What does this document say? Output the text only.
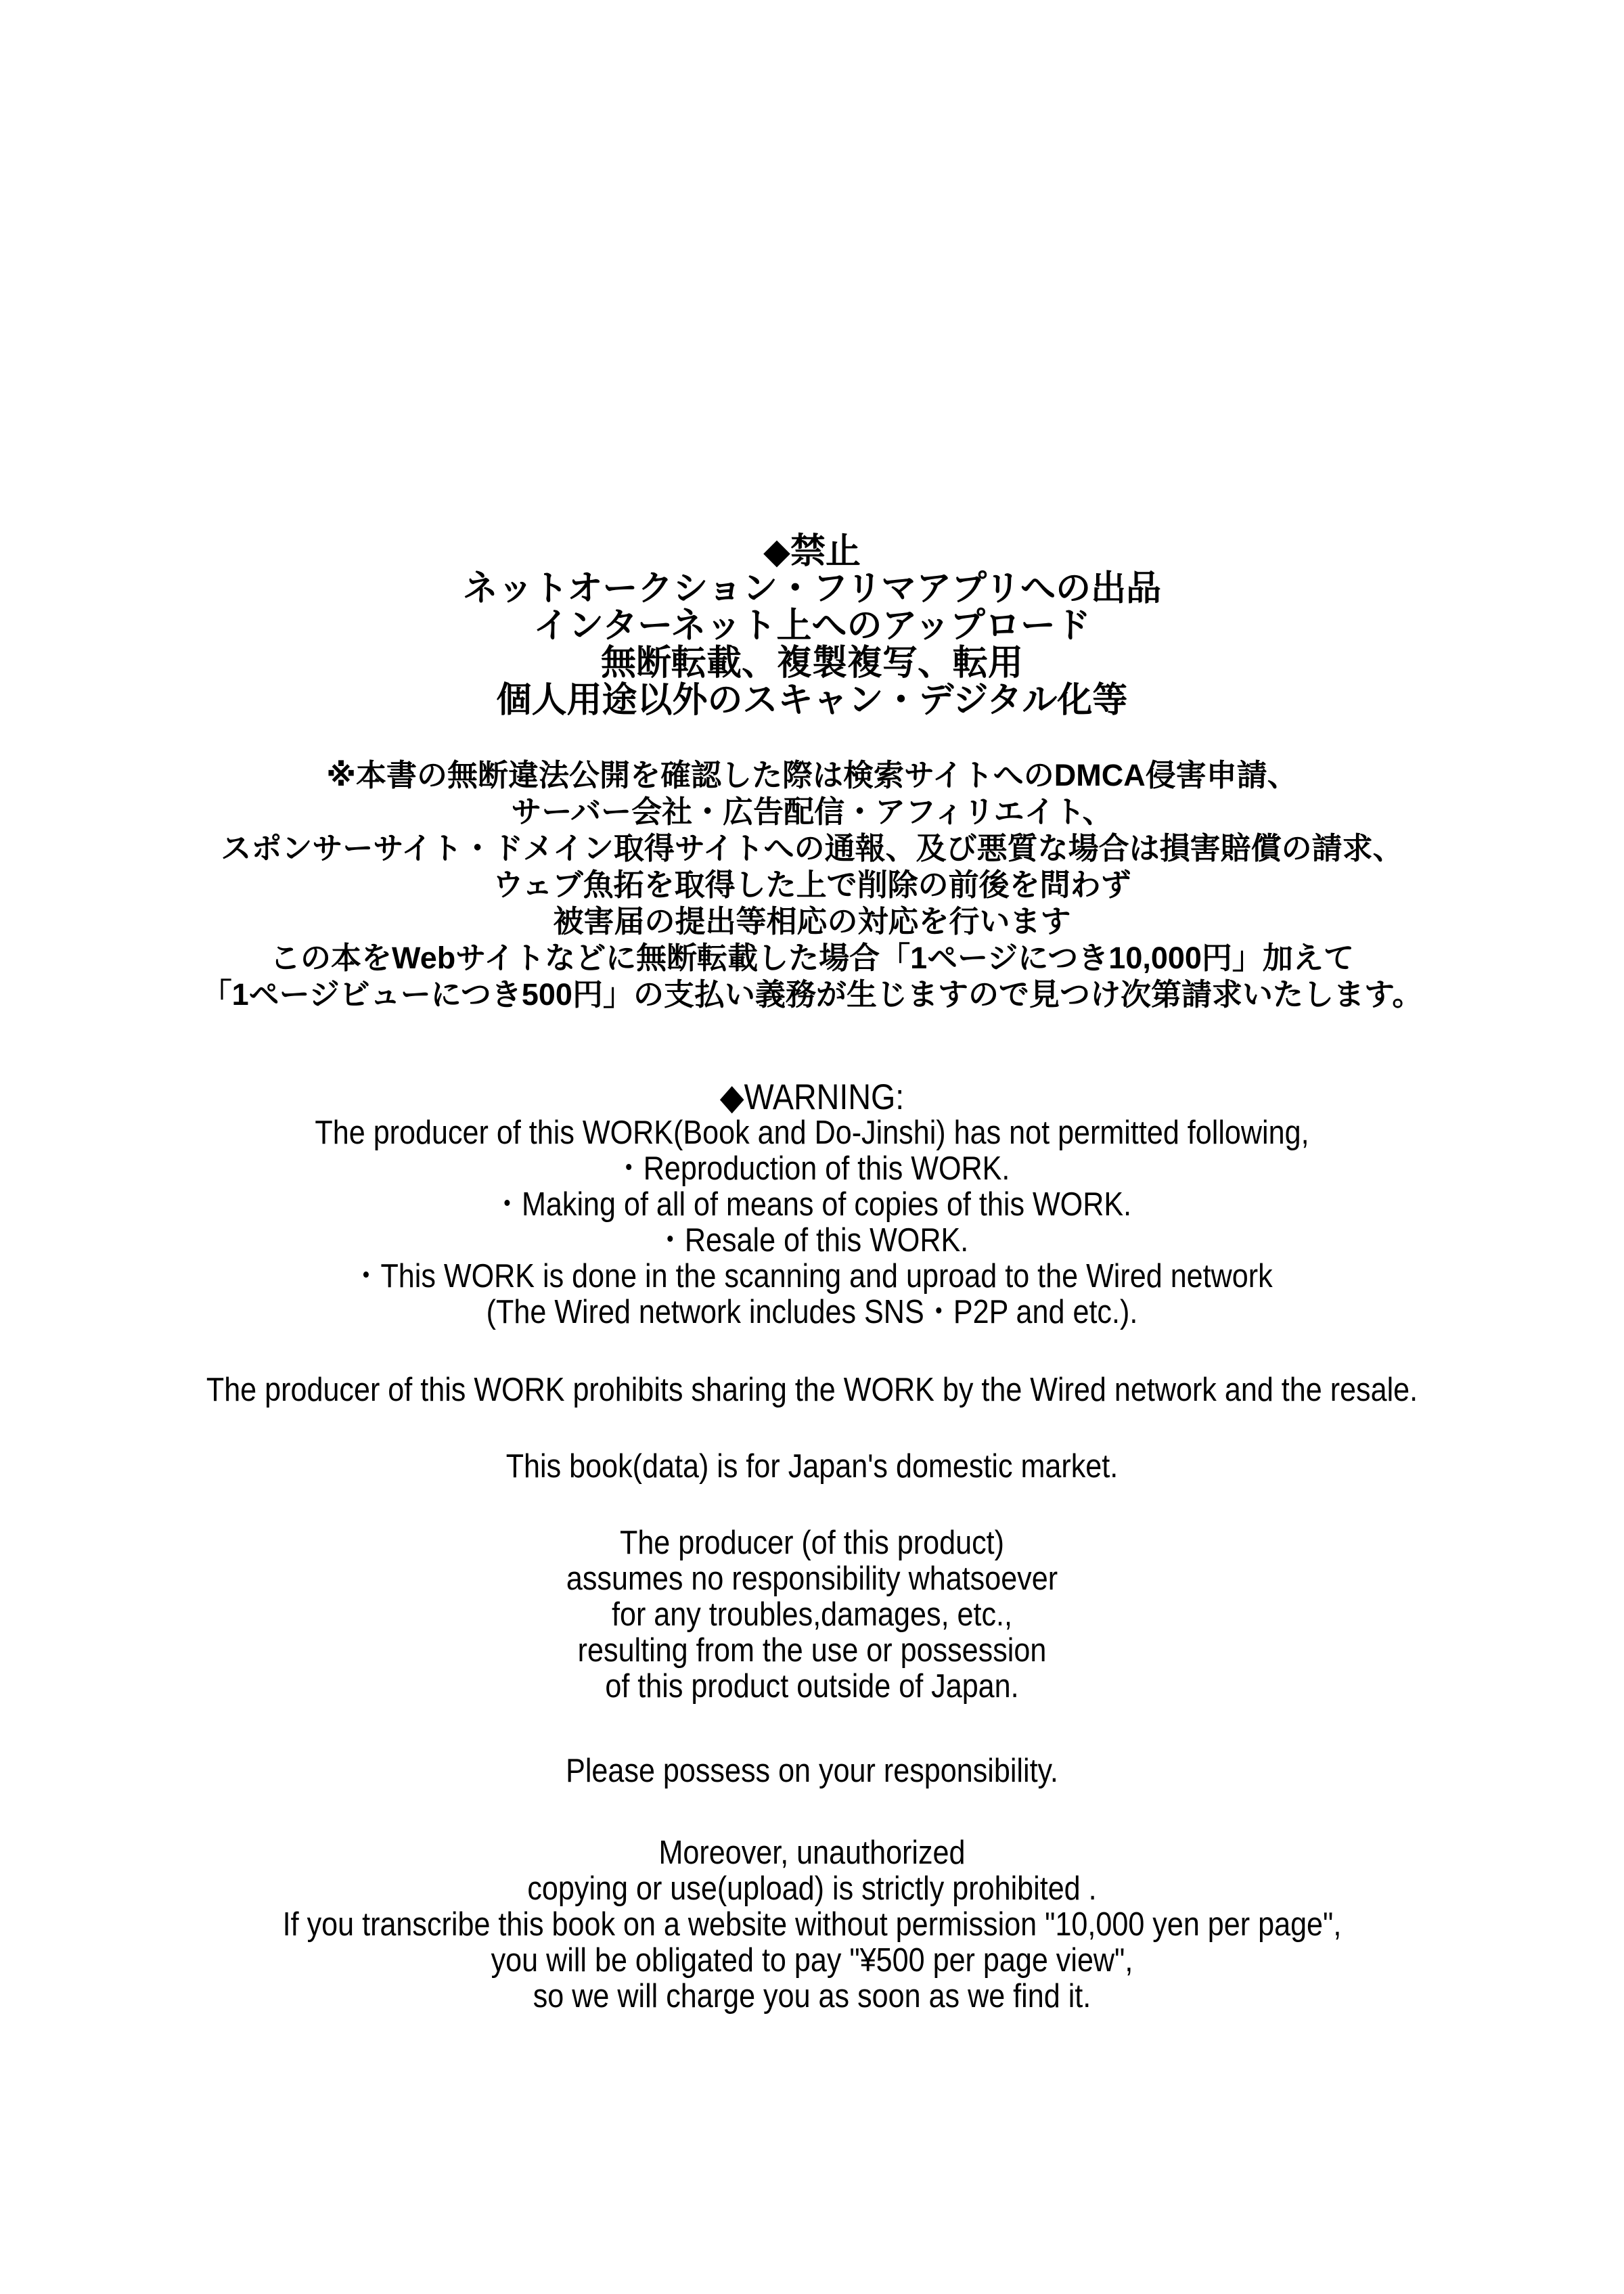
◆禁止
ネットオークション・フリマアプリへの出品
インターネット上へのアップロード
無断転載、複製複写、転用
個人用途以外のスキャン・デジタル化等
※本書の無断違法公開を確認した際は検索サイトへのDMCA侵害申請、
サーバー会社・広告配信・アフィリエイト、
スポンサーサイト・ドメイン取得サイトへの通報、及び悪質な場合は損害賠償の請求、
ウェブ魚拓を取得した上で削除の前後を問わず
被害届の提出等相応の対応を行います
この本をWebサイトなどに無断転載した場合「1ページにつき10,000円」加えて
「1ページビューにつき500円」の支払い義務が生じますので見つけ次第請求いたします。
◆WARNING:
The producer of this WORK(Book and Do-Jinshi) has not permitted following,
・Reproduction of this WORK.
・Making of all of means of copies of this WORK.
・Resale of this WORK.
・This WORK is done in the scanning and uproad to the Wired network
(The Wired network includes SNS・P2P and etc.).
The producer of this WORK prohibits sharing the WORK by the Wired network and the resale.
This book(data) is for Japan's domestic market.
The producer (of this product)
assumes no responsibility whatsoever
for any troubles,damages, etc.,
resulting from the use or possession
of this product outside of Japan.
Please possess on your responsibility.
Moreover, unauthorized
copying or use(upload) is strictly prohibited .
If you transcribe this book on a website without permission "10,000 yen per page",
you will be obligated to pay "¥500 per page view",
so we will charge you as soon as we find it.
